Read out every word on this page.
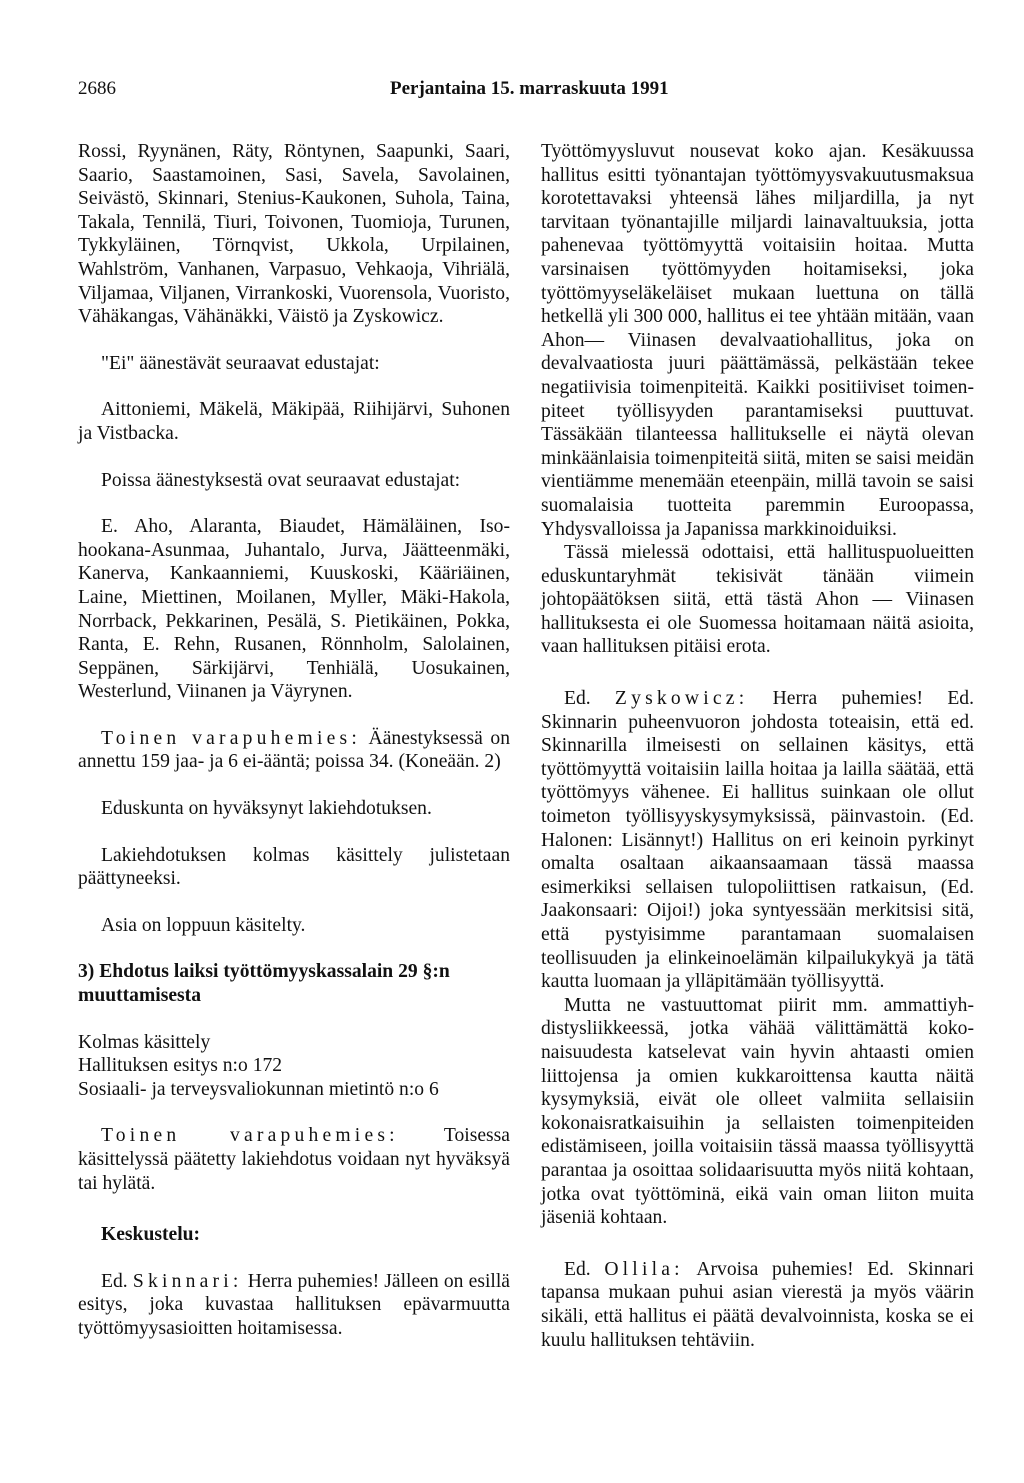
2686	Perjantaina 15. marraskuuta 1991

Rossi, Ryynänen, Räty, Röntynen, Saapunki, Saari, Saario, Saastamoinen, Sasi, Savela, Savolainen, Seivästö, Skinnari, Stenius-Kaukonen, Suhola, Taina, Takala, Tennilä, Tiuri, Toivonen, Tuomioja, Turunen, Tykkyläinen, Törnqvist, Ukkola, Urpilainen, Wahlström, Vanhanen, Varpasuo, Vehkaoja, Vihriälä, Viljamaa, Viljanen, Virrankoski, Vuorensola, Vuoristo, Vähäkangas, Vähänäkki, Väistö ja Zyskowicz.

"Ei" äänestävät seuraavat edustajat:

Aittoniemi, Mäkelä, Mäkipää, Riihijärvi, Suhonen ja Vistbacka.

Poissa äänestyksestä ovat seuraavat edustajat:

E. Aho, Alaranta, Biaudet, Hämäläinen, Isohookana-Asunmaa, Juhantalo, Jurva, Jäätteenmäki, Kanerva, Kankaanniemi, Kuuskoski, Kääriäinen, Laine, Miettinen, Moilanen, Myller, Mäki-Hakola, Norrback, Pekkarinen, Pesälä, S. Pietikäinen, Pokka, Ranta, E. Rehn, Rusanen, Rönnholm, Salolainen, Seppänen, Särkijärvi, Tenhiälä, Uosukainen, Westerlund, Viinanen ja Väyrynen.

Toinen varapuhemies: Äänestyksessä on annettu 159 jaa- ja 6 ei-ääntä; poissa 34. (Koneään. 2)

Eduskunta on hyväksynyt lakiehdotuksen.

Lakiehdotuksen kolmas käsittely julistetaan päättyneeksi.

Asia on loppuun käsitelty.

3) Ehdotus laiksi työttömyyskassalain 29 §:n muuttamisesta

Kolmas käsittely

Hallituksen esitys n:o 172

Sosiaali- ja terveysvaliokunnan mietintö n:o 6

Toinen varapuhemies: Toisessa käsittelyssä päätetty lakiehdotus voidaan nyt hyväksyä tai hylätä.

Keskustelu:

Ed. Skinnari: Herra puhemies! Jälleen on esillä esitys, joka kuvastaa hallituksen epävarmuutta työttömyysasioitten hoitamisessa.

Työttömyysluvut nousevat koko ajan. Kesäkuussa hallitus esitti työnantajan työttömyysvakuutusmaksua korotettavaksi yhteensä lähes miljardilla, ja nyt tarvitaan työnantajille miljardi lainavaltuuksia, jotta pahenevaa työttömyyttä voitaisiin hoitaa. Mutta varsinaisen työttömyyden hoitamiseksi, joka työttömyyseläkeläiset mukaan luettuna on tällä hetkellä yli 300 000, hallitus ei tee yhtään mitään, vaan Ahon— Viinasen devalvaatiohallitus, joka on devalvaatiosta juuri päättämässä, pelkästään tekee negatiivisia toimenpiteitä. Kaikki positiiviset toimenpiteet työllisyyden parantamiseksi puuttuvat. Tässäkään tilanteessa hallitukselle ei näytä olevan minkäänlaisia toimenpiteitä siitä, miten se saisi meidän vientiämme menemään eteenpäin, millä tavoin se saisi suomalaisia tuotteita paremmin Euroopassa, Yhdysvalloissa ja Japanissa markkinoiduiksi.

Tässä mielessä odottaisi, että hallituspuolueitten eduskuntaryhmät tekisivät tänään viimein johtopäätöksen siitä, että tästä Ahon — Viinasen hallituksesta ei ole Suomessa hoitamaan näitä asioita, vaan hallituksen pitäisi erota.

Ed. Zyskowicz: Herra puhemies! Ed. Skinnarin puheenvuoron johdosta toteaisin, että ed. Skinnarilla ilmeisesti on sellainen käsitys, että työttömyyttä voitaisiin lailla hoitaa ja lailla säätää, että työttömyys vähenee. Ei hallitus suinkaan ole ollut toimeton työllisyyskysymyksissä, päinvastoin. (Ed. Halonen: Lisännyt!) Hallitus on eri keinoin pyrkinyt omalta osaltaan aikaansaamaan tässä maassa esimerkiksi sellaisen tulopoliittisen ratkaisun, (Ed. Jaakonsaari: Oijoi!) joka syntyessään merkitsisi sitä, että pystyisimme parantamaan suomalaisen teollisuuden ja elinkeinoelämän kilpailukykyä ja tätä kautta luomaan ja ylläpitämään työllisyyttä.

Mutta ne vastuuttomat piirit mm. ammattiyhdistysliikkeessä, jotka vähää välittämättä kokonaisuudesta katselevat vain hyvin ahtaasti omien liittojensa ja omien kukkaroittensa kautta näitä kysymyksiä, eivät ole olleet valmiita sellaisiin kokonaisratkaisuihin ja sellaisten toimenpiteiden edistämiseen, joilla voitaisiin tässä maassa työllisyyttä parantaa ja osoittaa solidaarisuutta myös niitä kohtaan, jotka ovat työttöminä, eikä vain oman liiton muita jäseniä kohtaan.

Ed. Ollila: Arvoisa puhemies! Ed. Skinnari tapansa mukaan puhui asian vierestä ja myös väärin sikäli, että hallitus ei päätä devalvoinnista, koska se ei kuulu hallituksen tehtäviin.
